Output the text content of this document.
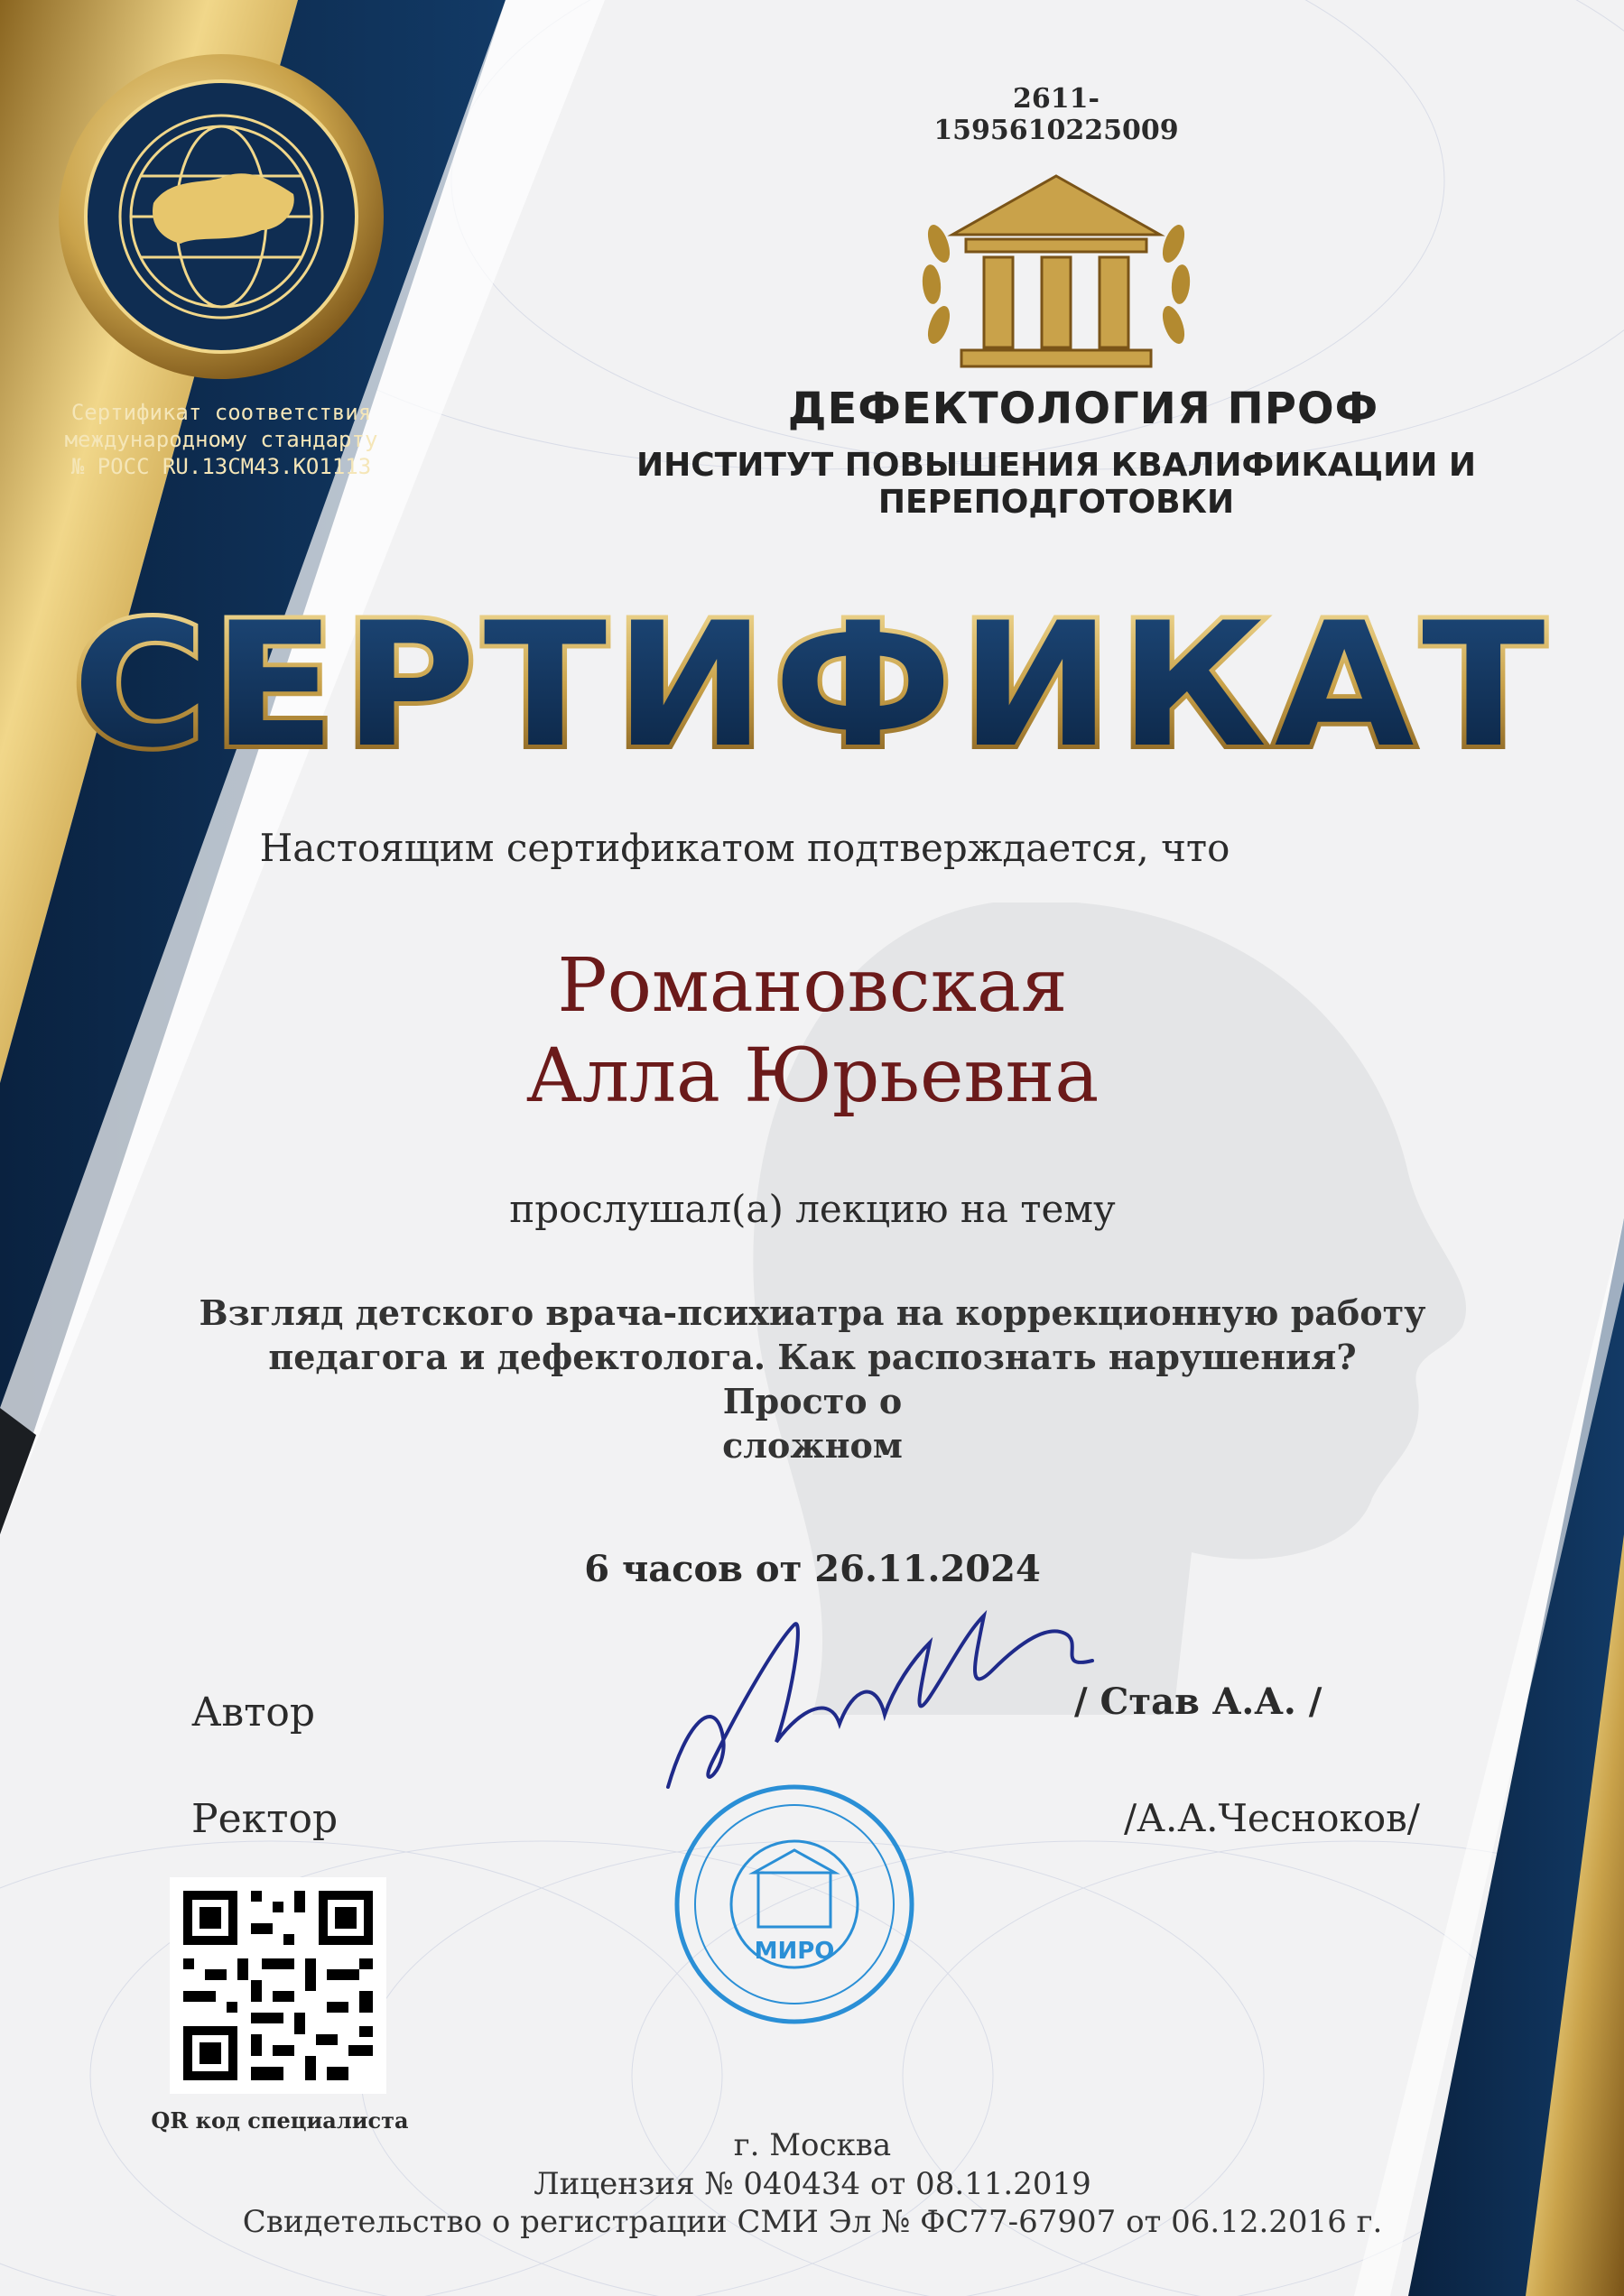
Сертификат соответствия
международному стандарту
№ РОСС RU.13СМ43.КО1113
2611-1595610225009
ДЕФЕКТОЛОГИЯ ПРОФ
ИНСТИТУТ ПОВЫШЕНИЯ КВАЛИФИКАЦИИ И ПЕРЕПОДГОТОВКИ
СЕРТИФИКАТ
Настоящим сертификатом подтверждается, что
Романовская
Алла Юрьевна
прослушал(а) лекцию на тему
Взгляд детского врача-психиатра на коррекционную работу
педагога и дефектолога. Как распознать нарушения? Просто о
сложном
6 часов от 26.11.2024
Автор
Ректор
/ Став А.А. /
/А.А.Чесноков/
МИРО
QR код специалиста
г. Москва
Лицензия № 040434 от 08.11.2019
Свидетельство о регистрации СМИ Эл № ФС77-67907 от 06.12.2016 г.
